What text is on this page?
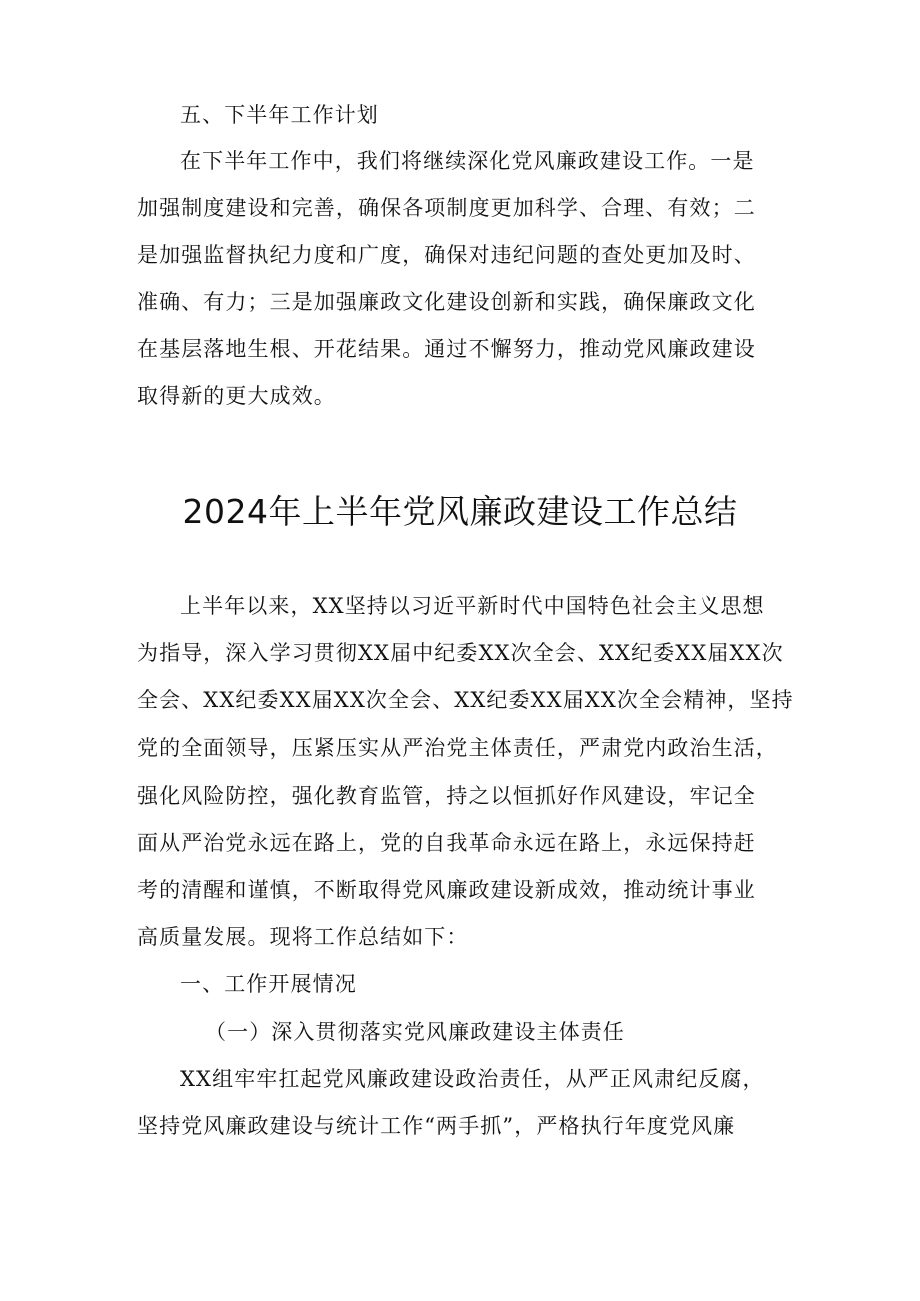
五、下半年工作计划
在下半年工作中，我们将继续深化党风廉政建设工作。一是
加强制度建设和完善，确保各项制度更加科学、合理、有效；二
是加强监督执纪力度和广度，确保对违纪问题的查处更加及时、
准确、有力；三是加强廉政文化建设创新和实践，确保廉政文化
在基层落地生根、开花结果。通过不懈努力，推动党风廉政建设
取得新的更大成效。
2024年上半年党风廉政建设工作总结
上半年以来，XX坚持以习近平新时代中国特色社会主义思想
为指导，深入学习贯彻XX届中纪委XX次全会、XX纪委XX届XX次
全会、XX纪委XX届XX次全会、XX纪委XX届XX次全会精神，坚持
党的全面领导，压紧压实从严治党主体责任，严肃党内政治生活，
强化风险防控，强化教育监管，持之以恒抓好作风建设，牢记全
面从严治党永远在路上，党的自我革命永远在路上，永远保持赶
考的清醒和谨慎，不断取得党风廉政建设新成效，推动统计事业
高质量发展。现将工作总结如下：
一、工作开展情况
（一）深入贯彻落实党风廉政建设主体责任
XX组牢牢扛起党风廉政建设政治责任，从严正风肃纪反腐，
坚持党风廉政建设与统计工作“两手抓”，严格执行年度党风廉
